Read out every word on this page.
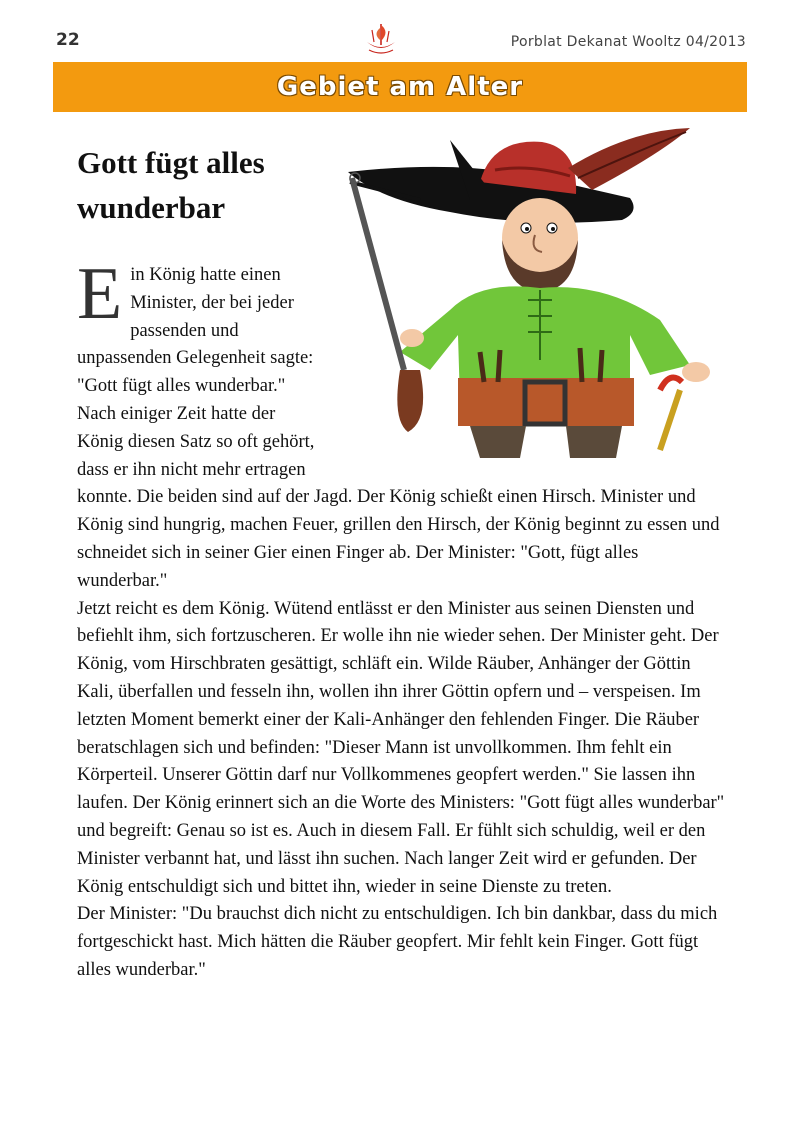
22	Porblat Dekanat Wooltz 04/2013
Gebiet am Alter
Gott fügt alles wunderbar

Ein König hatte einen Minister, der bei jeder passenden und unpassenden Gelegenheit sagte: "Gott fügt alles wunderbar." Nach einiger Zeit hatte der König diesen Satz so oft gehört, dass er ihn nicht mehr ertragen konnte. Die beiden sind auf der Jagd. Der König schießt einen Hirsch. Minister und König sind hungrig, machen Feuer, grillen den Hirsch, der König beginnt zu essen und schneidet sich in seiner Gier einen Finger ab. Der Minister: "Gott, fügt alles wunderbar."

Jetzt reicht es dem König. Wütend entlässt er den Minister aus seinen Diensten und befiehlt ihm, sich fortzuscheren. Er wolle ihn nie wieder sehen. Der Minister geht. Der König, vom Hirschbraten gesättigt, schläft ein. Wilde Räuber, Anhänger der Göttin Kali, überfallen und fesseln ihn, wollen ihn ihrer Göttin opfern und – verspeisen. Im letzten Moment bemerkt einer der Kali-Anhänger den fehlenden Finger. Die Räuber beratschlagen sich und befinden: "Dieser Mann ist unvollkommen. Ihm fehlt ein Körperteil. Unserer Göttin darf nur Vollkommenes geopfert werden." Sie lassen ihn laufen. Der König erinnert sich an die Worte des Ministers: "Gott fügt alles wunderbar" und begreift: Genau so ist es. Auch in diesem Fall. Er fühlt sich schuldig, weil er den Minister verbannt hat, und lässt ihn suchen. Nach langer Zeit wird er gefunden. Der König entschuldigt sich und bittet ihn, wieder in seine Dienste zu treten.

Der Minister: "Du brauchst dich nicht zu entschuldigen. Ich bin dankbar, dass du mich fortgeschickt hast. Mich hätten die Räuber geopfert. Mir fehlt kein Finger. Gott fügt alles wunderbar."
